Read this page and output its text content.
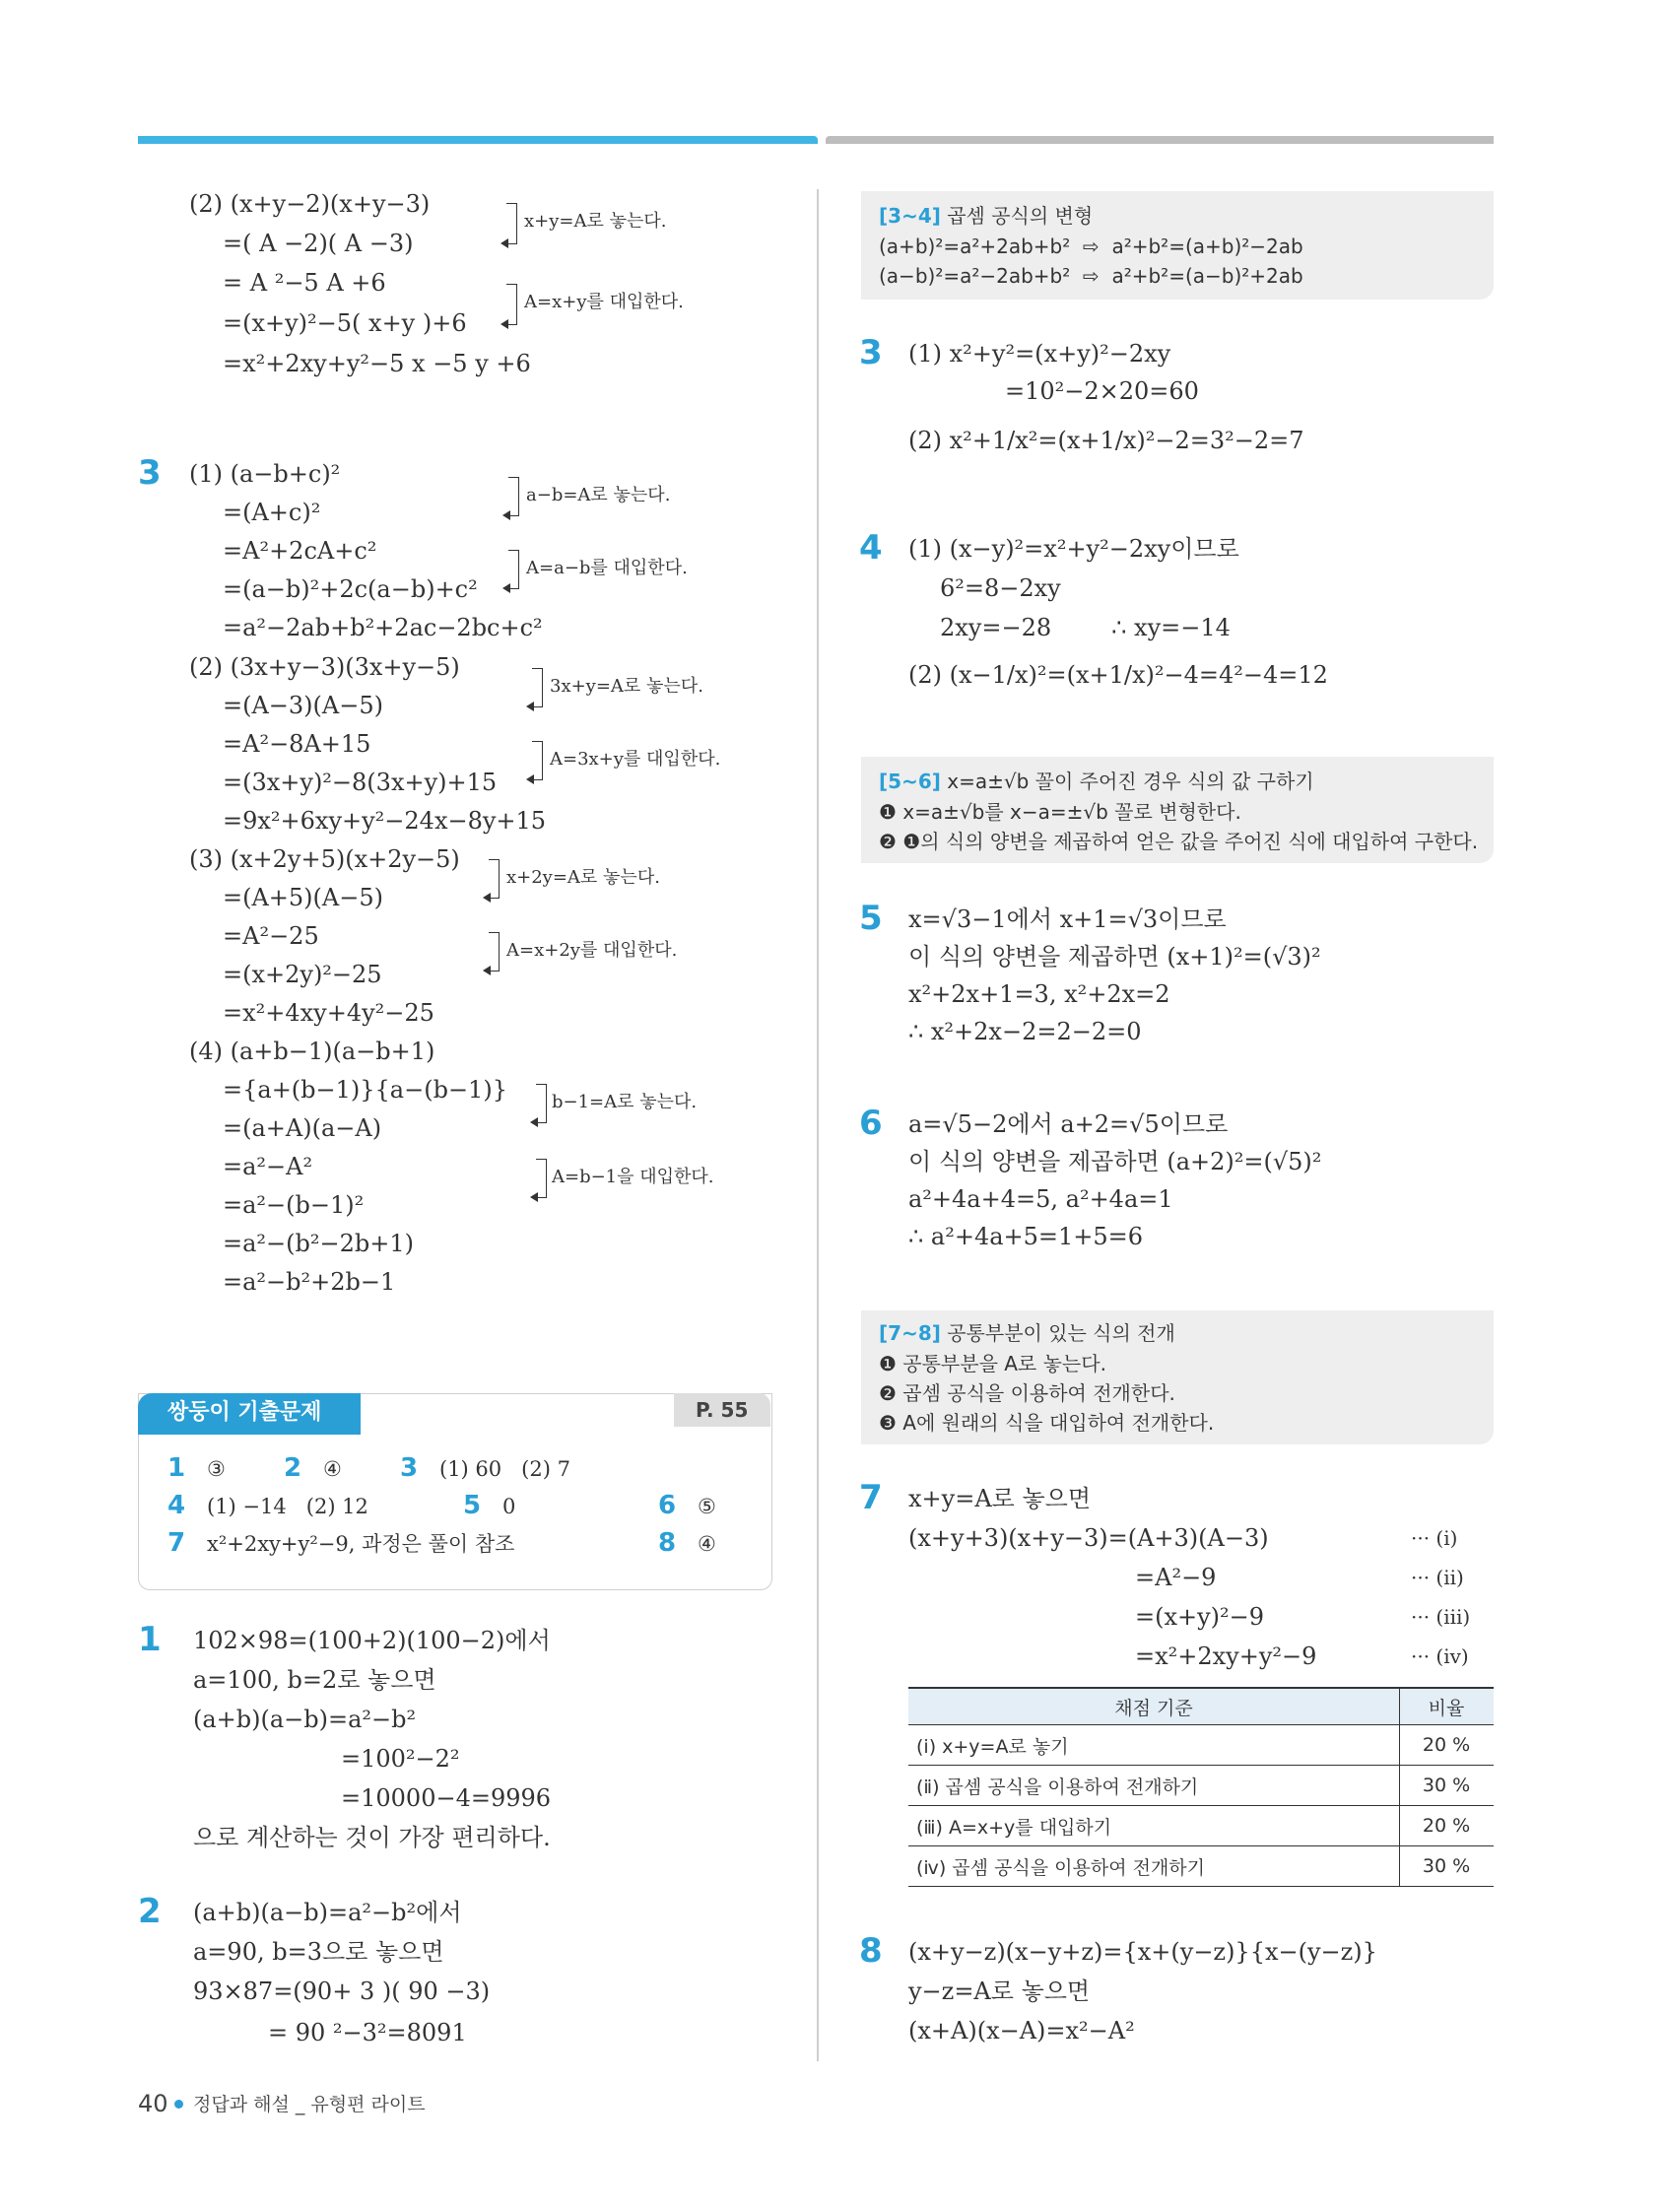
(2) (x+y−2)(x+y−3)
=( A −2)( A −3)
= A ²−5 A +6
=(x+y)²−5( x+y )+6
=x²+2xy+y²−5 x −5 y +6
x+y=A로 놓는다.
A=x+y를 대입한다.
3 (1) (a−b+c)²
=(A+c)²
=A²+2cA+c²
=(a−b)²+2c(a−b)+c²
=a²−2ab+b²+2ac−2bc+c²
(2) (3x+y−3)(3x+y−5)
=(A−3)(A−5)
=A²−8A+15
=(3x+y)²−8(3x+y)+15
=9x²+6xy+y²−24x−8y+15
(3) (x+2y+5)(x+2y−5)
=(A+5)(A−5)
=A²−25
=(x+2y)²−25
=x²+4xy+4y²−25
(4) (a+b−1)(a−b+1)
={a+(b−1)}{a−(b−1)}
=(a+A)(a−A)
=a²−A²
=a²−(b−1)²
=a²−(b²−2b+1)
=a²−b²+2b−1
a−b=A로 놓는다.
A=a−b를 대입한다.
3x+y=A로 놓는다.
A=3x+y를 대입한다.
x+2y=A로 놓는다.
A=x+2y를 대입한다.
b−1=A로 놓는다.
A=b−1을 대입한다.
쌍둥이 기출문제	P. 55
1 ③ 2 ④ 3 (1) 60   (2) 7
4 (1) −14   (2) 12	5 0	6 ⑤
7 x²+2xy+y²−9, 과정은 풀이 참조	8 ④
1 102×98=(100+2)(100−2)에서
a=100, b=2로 놓으면
(a+b)(a−b)=a²−b²
=100²−2²
=10000−4=9996
으로 계산하는 것이 가장 편리하다.
2 (a+b)(a−b)=a²−b²에서
a=90, b=3으로 놓으면
93×87=(90+ 3 )( 90 −3)
= 90 ²−3²=8091
[3~4] 곱셈 공식의 변형
(a+b)²=a²+2ab+b²  ⇨  a²+b²=(a+b)²−2ab
(a−b)²=a²−2ab+b²  ⇨  a²+b²=(a−b)²+2ab
3 (1) x²+y²=(x+y)²−2xy
=10²−2×20=60
(2) x²+1/x²=(x+1/x)²−2=3²−2=7
4 (1) (x−y)²=x²+y²−2xy이므로
6²=8−2xy
2xy=−28        ∴ xy=−14
(2) (x−1/x)²=(x+1/x)²−4=4²−4=12
[5~6] x=a±√b 꼴이 주어진 경우 식의 값 구하기
❶ x=a±√b를 x−a=±√b 꼴로 변형한다.
❷ ❶의 식의 양변을 제곱하여 얻은 값을 주어진 식에 대입하여 구한다.
5 x=√3−1에서 x+1=√3이므로
이 식의 양변을 제곱하면 (x+1)²=(√3)²
x²+2x+1=3, x²+2x=2
∴ x²+2x−2=2−2=0
6 a=√5−2에서 a+2=√5이므로
이 식의 양변을 제곱하면 (a+2)²=(√5)²
a²+4a+4=5, a²+4a=1
∴ a²+4a+5=1+5=6
[7~8] 공통부분이 있는 식의 전개
❶ 공통부분을 A로 놓는다.
❷ 곱셈 공식을 이용하여 전개한다.
❸ A에 원래의 식을 대입하여 전개한다.
7 x+y=A로 놓으면
(x+y+3)(x+y−3)=(A+3)(A−3)
=A²−9
=(x+y)²−9
=x²+2xy+y²−9
··· (ⅰ)
··· (ⅱ)
··· (ⅲ)
··· (ⅳ)
채점 기준	비율
(ⅰ) x+y=A로 놓기	20 %
(ⅱ) 곱셈 공식을 이용하여 전개하기	30 %
(ⅲ) A=x+y를 대입하기	20 %
(ⅳ) 곱셈 공식을 이용하여 전개하기	30 %
8 (x+y−z)(x−y+z)={x+(y−z)}{x−(y−z)}
y−z=A로 놓으면
(x+A)(x−A)=x²−A²
40 정답과 해설 _ 유형편 라이트
